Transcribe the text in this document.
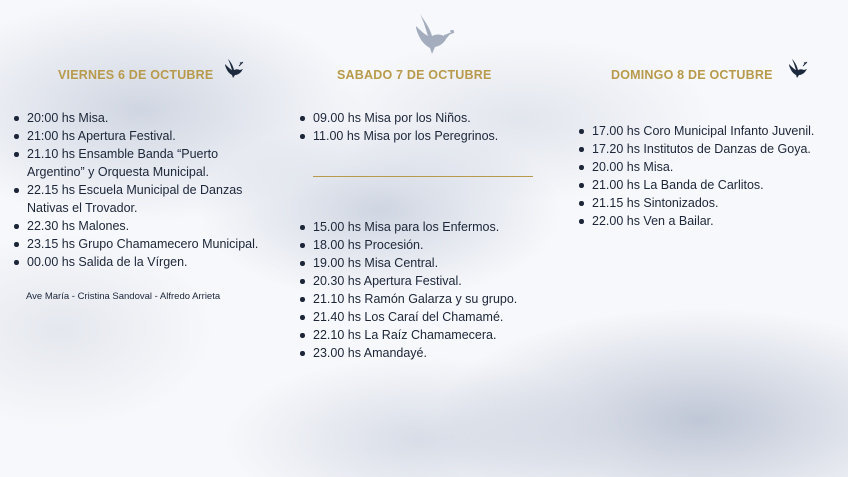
VIERNES 6 DE OCTUBRE
20:00 hs Misa.
21:00 hs Apertura Festival.
21.10 hs Ensamble Banda “Puerto Argentino” y Orquesta Municipal.
22.15 hs Escuela Municipal de Danzas Nativas el Trovador.
22.30 hs Malones.
23.15 hs Grupo Chamamecero Municipal.
00.00 hs Salida de la Vírgen.
Ave María - Cristina Sandoval - Alfredo Arrieta
SABADO 7 DE OCTUBRE
09.00 hs Misa por los Niños.
11.00 hs Misa por los Peregrinos.
15.00 hs Misa para los Enfermos.
18.00 hs Procesión.
19.00 hs Misa Central.
20.30 hs Apertura Festival.
21.10 hs Ramón Galarza y su grupo.
21.40 hs Los Caraí del Chamamé.
22.10 hs La Raíz Chamamecera.
23.00 hs Amandayé.
DOMINGO 8 DE OCTUBRE
17.00 hs Coro Municipal Infanto Juvenil.
17.20 hs Institutos de Danzas de Goya.
20.00 hs Misa.
21.00 hs La Banda de Carlitos.
21.15 hs Sintonizados.
22.00 hs Ven a Bailar.
